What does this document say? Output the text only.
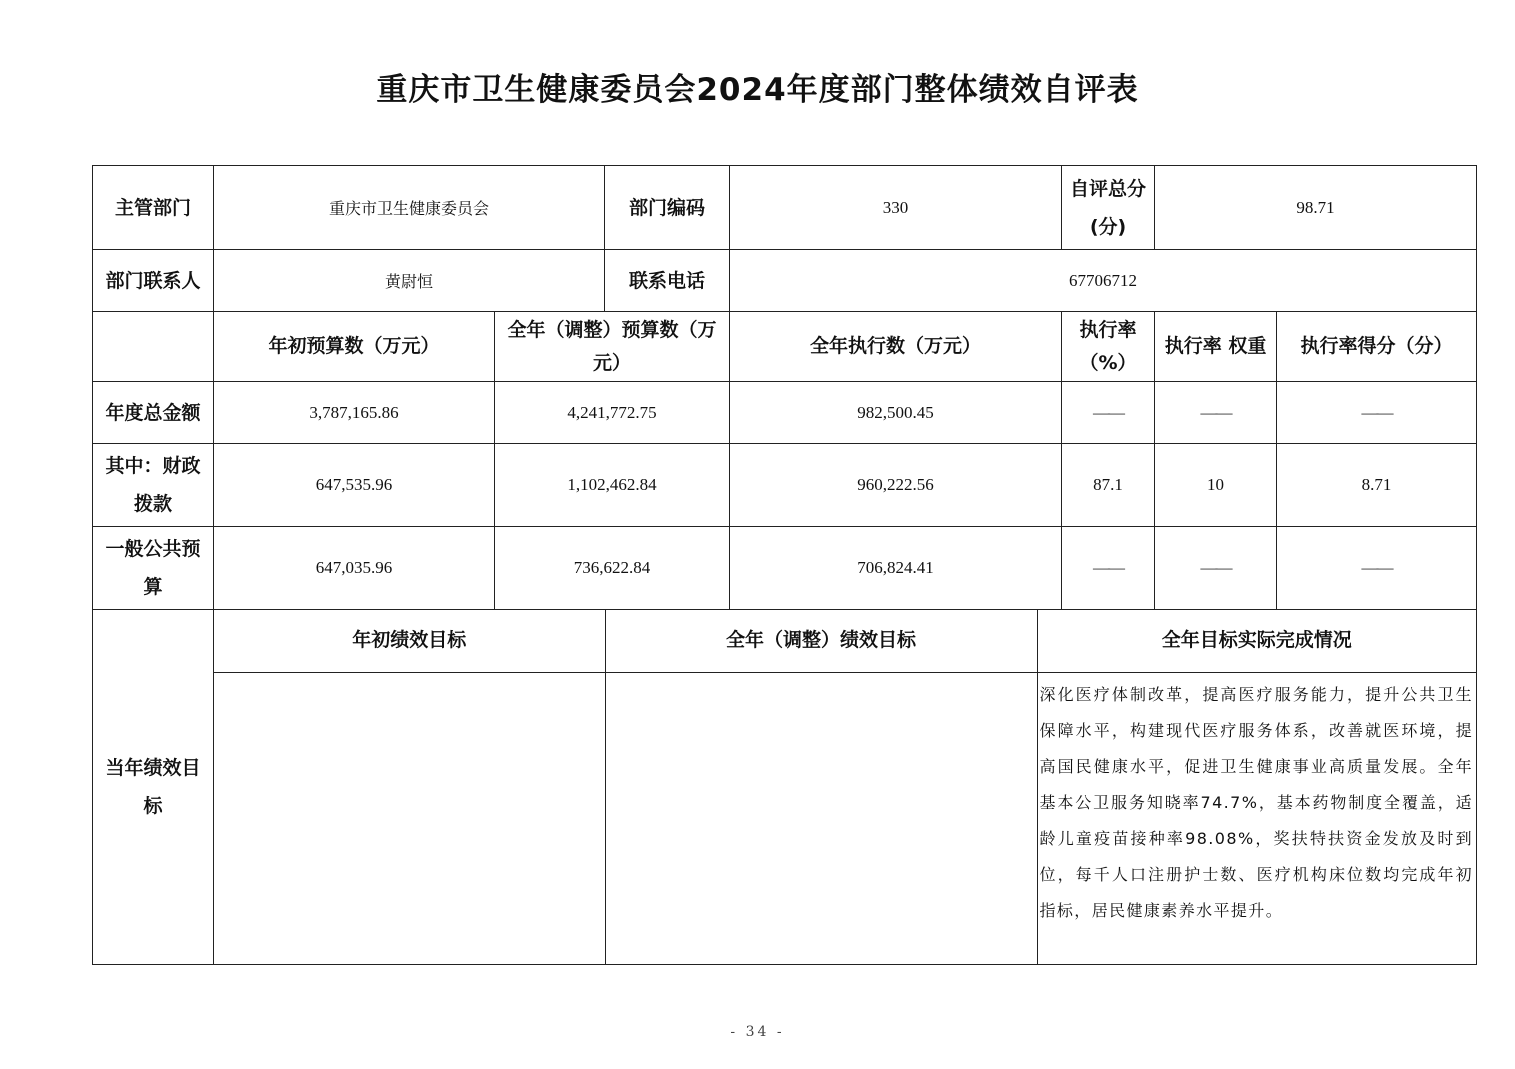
重庆市卫生健康委员会2024年度部门整体绩效自评表
主管部门	重庆市卫生健康委员会	部门编码	330	自评总分(分)	98.71
部门联系人	黄尉恒	联系电话	67706712
	年初预算数（万元）	全年（调整）预算数（万元）	全年执行数（万元）	执行率（%）	执行率 权重	执行率得分（分）
年度总金额	3,787,165.86	4,241,772.75	982,500.45	——	——	——
其中：财政拨款	647,535.96	1,102,462.84	960,222.56	87.1	10	8.71
一般公共预算	647,035.96	736,622.84	706,824.41	——	——	——
当年绩效目标	
年初绩效目标	全年（调整）绩效目标	全年目标实际完成情况
		深化医疗体制改革，提高医疗服务能力，提升公共卫生保障水平，构建现代医疗服务体系，改善就医环境，提高国民健康水平，促进卫生健康事业高质量发展。全年基本公卫服务知晓率74.7%，基本药物制度全覆盖，适龄儿童疫苗接种率98.08%，奖扶特扶资金发放及时到位，每千人口注册护士数、医疗机构床位数均完成年初指标，居民健康素养水平提升。
- 34 -
